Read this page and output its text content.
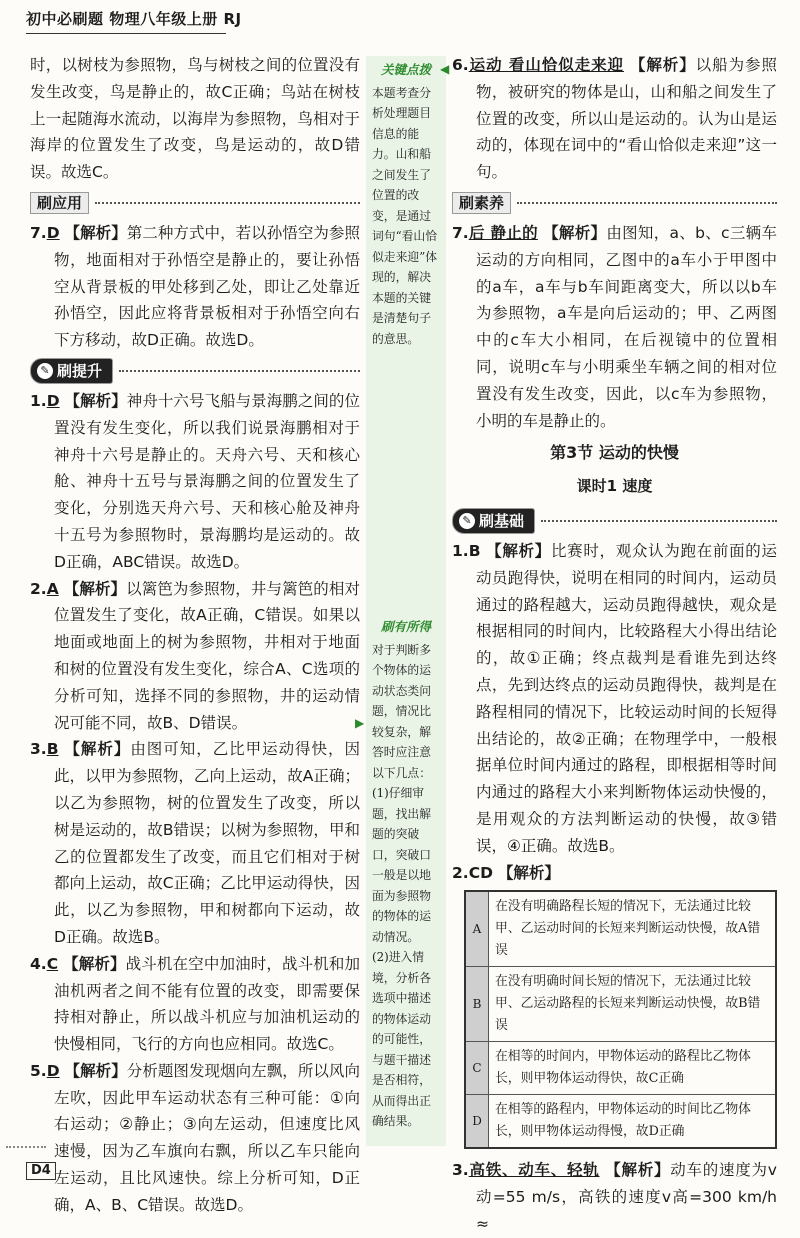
初中必刷题 物理八年级上册 RJ

时，以树枝为参照物，鸟与树枝之间的位置没有发生改变，鸟是静止的，故C正确；鸟站在树枝上一起随海水流动，以海岸为参照物，鸟相对于海岸的位置发生了改变，鸟是运动的，故D错误。故选C。

刷应用

7.D 【解析】第二种方式中，若以孙悟空为参照物，地面相对于孙悟空是静止的，要让孙悟空从背景板的甲处移到乙处，即让乙处靠近孙悟空，因此应将背景板相对于孙悟空向右下方移动，故D正确。故选D。

✎ 刷提升

1.D 【解析】神舟十六号飞船与景海鹏之间的位置没有发生变化，所以我们说景海鹏相对于神舟十六号是静止的。天舟六号、天和核心舱、神舟十五号与景海鹏之间的位置发生了变化，分别选天舟六号、天和核心舱及神舟十五号为参照物时，景海鹏均是运动的。故D正确，ABC错误。故选D。

2.A 【解析】以篱笆为参照物，井与篱笆的相对位置发生了变化，故A正确，C错误。如果以地面或地面上的树为参照物，井相对于地面和树的位置没有发生变化，综合A、C选项的分析可知，选择不同的参照物，井的运动情况可能不同，故B、D错误。

3.B 【解析】由图可知，乙比甲运动得快，因此，以甲为参照物，乙向上运动，故A正确；以乙为参照物，树的位置发生了改变，所以树是运动的，故B错误；以树为参照物，甲和乙的位置都发生了改变，而且它们相对于树都向上运动，故C正确；乙比甲运动得快，因此，以乙为参照物，甲和树都向下运动，故D正确。故选B。

4.C 【解析】战斗机在空中加油时，战斗机和加油机两者之间不能有位置的改变，即需要保持相对静止，所以战斗机应与加油机运动的快慢相同，飞行的方向也应相同。故选C。

5.D 【解析】分析题图发现烟向左飘，所以风向左吹，因此甲车运动状态有三种可能：①向右运动；②静止；③向左运动，但速度比风速慢，因为乙车旗向右飘，所以乙车只能向左运动，且比风速快。综上分析可知，D正确，A、B、C错误。故选D。

关键点拨
本题考查分析处理题目信息的能力。山和船之间发生了位置的改变，是通过词句“看山恰似走来迎”体现的，解决本题的关键是清楚句子的意思。
刷有所得
对于判断多个物体的运动状态类问题，情况比较复杂，解答时应注意以下几点：
(1)仔细审题，找出解题的突破口，突破口一般是以地面为参照物的物体的运动情况。
(2)进入情境，分析各选项中描述的物体运动的可能性，与题干描述是否相符，从而得出正确结果。
◀
▶

6.运动 看山恰似走来迎 【解析】以船为参照物，被研究的物体是山，山和船之间发生了位置的改变，所以山是运动的。认为山是运动的，体现在词中的“看山恰似走来迎”这一句。

刷素养

7.后 静止的 【解析】由图知，a、b、c三辆车运动的方向相同，乙图中的a车小于甲图中的a车，a车与b车间距离变大，所以以b车为参照物，a车是向后运动的；甲、乙两图中的c车大小相同，在后视镜中的位置相同，说明c车与小明乘坐车辆之间的相对位置没有发生改变，因此，以c车为参照物，小明的车是静止的。

第3节 运动的快慢
课时1 速度
✎ 刷基础

1.B 【解析】比赛时，观众认为跑在前面的运动员跑得快，说明在相同的时间内，运动员通过的路程越大，运动员跑得越快，观众是根据相同的时间内，比较路程大小得出结论的，故①正确；终点裁判是看谁先到达终点，先到达终点的运动员跑得快，裁判是在路程相同的情况下，比较运动时间的长短得出结论的，故②正确；在物理学中，一般根据单位时间内通过的路程，即根据相等时间内通过的路程大小来判断物体运动快慢的，是用观众的方法判断运动的快慢，故③错误，④正确。故选B。

2.CD 【解析】

A
在没有明确路程长短的情况下，无法通过比较甲、乙运动时间的长短来判断运动快慢，故A错误
B
在没有明确时间长短的情况下，无法通过比较甲、乙运动路程的长短来判断运动快慢，故B错误
C
在相等的时间内，甲物体运动的路程比乙物体长，则甲物体运动得快，故C正确
D
在相等的路程内，甲物体运动的时间比乙物体长，则甲物体运动得慢，故D正确

3.高铁、动车、轻轨 【解析】动车的速度为v动=55 m/s，高铁的速度v高=300 km/h ≈

D4
